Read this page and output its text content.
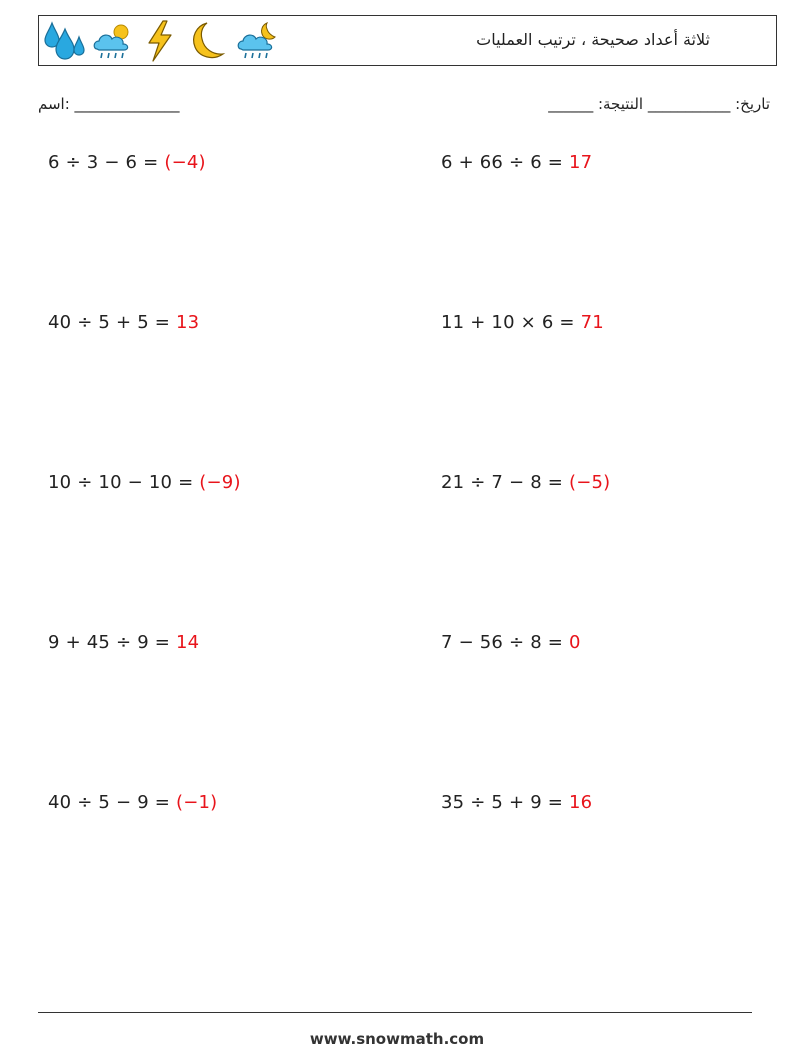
ثلاثة أعداد صحيحة ، ترتيب العمليات
اسم: ______________	______ :تاريخ: ___________ النتيجة
6 ÷ 3 − 6 = (−4)	6 + 66 ÷ 6 = 17
40 ÷ 5 + 5 = 13	11 + 10 × 6 = 71
10 ÷ 10 − 10 = (−9)	21 ÷ 7 − 8 = (−5)
9 + 45 ÷ 9 = 14	7 − 56 ÷ 8 = 0
40 ÷ 5 − 9 = (−1)	35 ÷ 5 + 9 = 16
www.snowmath.com
